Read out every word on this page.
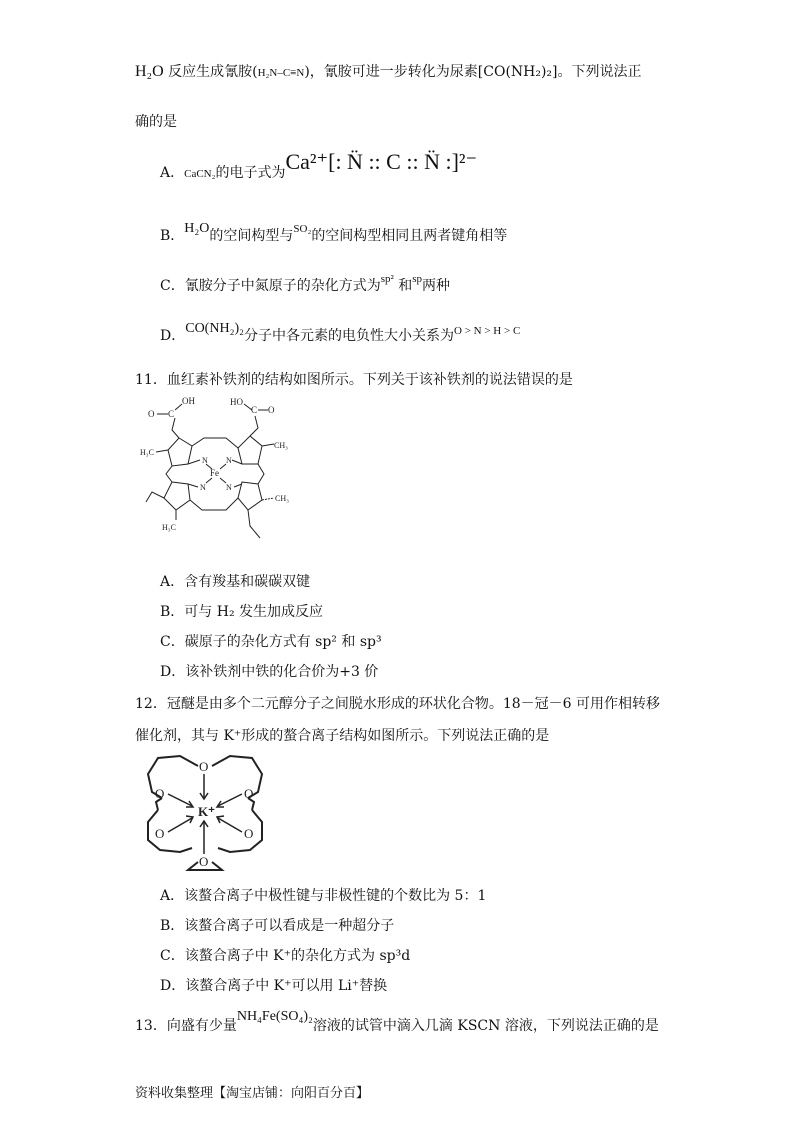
H₂O 反应生成氰胺(H₂N–C≡N)，氰胺可进一步转化为尿素[CO(NH₂)₂]。下列说法正
确的是
A．CaCN₂的电子式为Ca²⁺[: N̈ :: C :: N̈ :]²⁻
B．H₂O的空间构型与$^{SO_2}$的空间构型相同且两者键角相等
C．氰胺分子中氮原子的杂化方式为$^{sp^2}$ 和$^{sp}$两种
D．CO(NH₂)₂分子中各元素的电负性大小关系为$^{O > N > H > C}$
11．血红素补铁剂的结构如图所示。下列关于该补铁剂的说法错误的是
O C
OH	HO
C O
N N
N	N
Fe
H₃C
CH₃
H₃C
CH₃
A．含有羧基和碳碳双键
B．可与 H₂ 发生加成反应
C．碳原子的杂化方式有 sp² 和 sp³
D．该补铁剂中铁的化合价为+3 价
12．冠醚是由多个二元醇分子之间脱水形成的环状化合物。18－冠－6 可用作相转移
催化剂，其与 K⁺形成的螯合离子结构如图所示。下列说法正确的是
O
O	O
O	O
O
K⁺
A．该螯合离子中极性键与非极性键的个数比为 5：1
B．该螯合离子可以看成是一种超分子
C．该螯合离子中 K⁺的杂化方式为 sp³d
D．该螯合离子中 K⁺可以用 Li⁺替换
13．向盛有少量NH₄Fe(SO₄)₂溶液的试管中滴入几滴 KSCN 溶液，下列说法正确的是
资料收集整理【淘宝店铺：向阳百分百】
